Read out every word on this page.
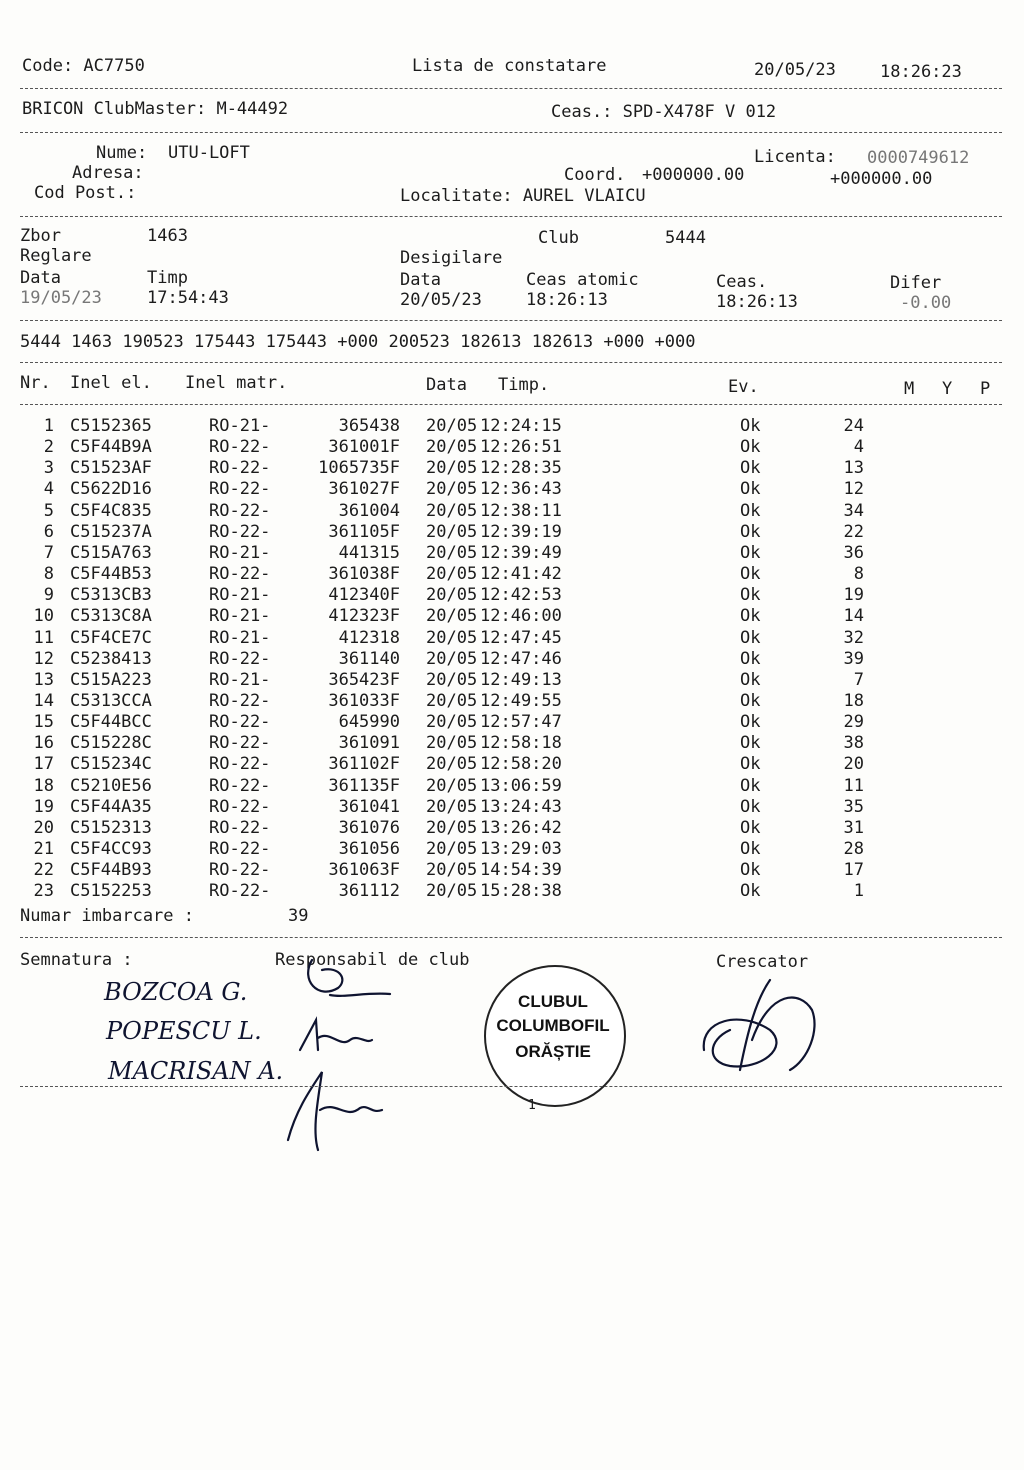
Code: AC7750	Lista de constatare	20/05/23	18:26:23
BRICON ClubMaster: M-44492	Ceas.: SPD-X478F V 012
Nume: UTU-LOFT	Licenta: 0000749612
Adresa:	Coord. +000000.00	+000000.00
Cod Post.:	Localitate: AUREL VLAICU
Zbor	1463	Club	5444
Reglare	Desigilare
Data	Timp	Data	Ceas atomic	Ceas.	Difer
19/05/23	17:54:43	20/05/23	18:26:13	18:26:13	-0.00
5444 1463 190523 175443 175443 +000 200523 182613 182613 +000 +000
Nr. Inel el. Inel matr.	Data Timp.	Ev.	M Y P
1 C5152365	RO-21-	365438 20/05 12:24:15	Ok	24
2 C5F44B9A	RO-22-	361001F 20/05 12:26:51	Ok	4
3 C51523AF	RO-22-	1065735F 20/05 12:28:35	Ok	13
4 C5622D16	RO-22-	361027F 20/05 12:36:43	Ok	12
5 C5F4C835	RO-22-	361004 20/05 12:38:11	Ok	34
6 C515237A	RO-22-	361105F 20/05 12:39:19	Ok	22
7 C515A763	RO-21-	441315 20/05 12:39:49	Ok	36
8 C5F44B53	RO-22-	361038F 20/05 12:41:42	Ok	8
9 C5313CB3	RO-21-	412340F 20/05 12:42:53	Ok	19
10 C5313C8A	RO-21-	412323F 20/05 12:46:00	Ok	14
11 C5F4CE7C	RO-21-	412318 20/05 12:47:45	Ok	32
12 C5238413	RO-22-	361140 20/05 12:47:46	Ok	39
13 C515A223	RO-21-	365423F 20/05 12:49:13	Ok	7
14 C5313CCA	RO-22-	361033F 20/05 12:49:55	Ok	18
15 C5F44BCC	RO-22-	645990 20/05 12:57:47	Ok	29
16 C515228C	RO-22-	361091 20/05 12:58:18	Ok	38
17 C515234C	RO-22-	361102F 20/05 12:58:20	Ok	20
18 C5210E56	RO-22-	361135F 20/05 13:06:59	Ok	11
19 C5F44A35	RO-22-	361041 20/05 13:24:43	Ok	35
20 C5152313	RO-22-	361076 20/05 13:26:42	Ok	31
21 C5F4CC93	RO-22-	361056 20/05 13:29:03	Ok	28
22 C5F44B93	RO-22-	361063F 20/05 14:54:39	Ok	17
23 C5152253	RO-22-	361112 20/05 15:28:38	Ok	1
Numar imbarcare :	39
Semnatura :	Responsabil de club	Crescator
BOZCOA G.
POPESCU L.
MACRISAN A.
CLUBUL
COLUMBOFIL
ORĂȘTIE
1
